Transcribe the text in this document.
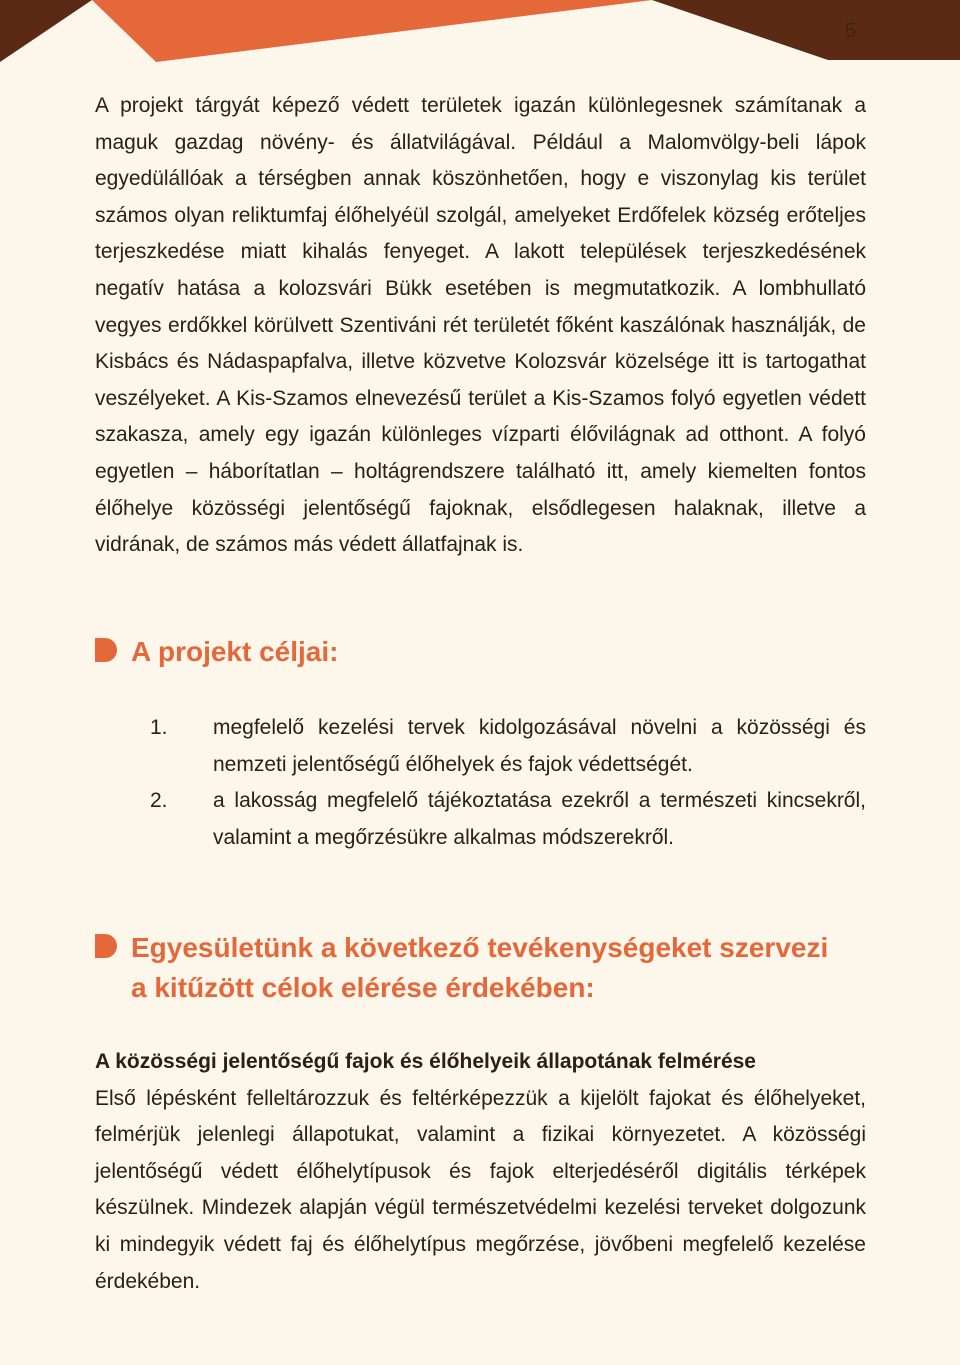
5

A projekt tárgyát képező védett területek igazán különlegesnek számítanak a maguk gazdag növény- és állatvilágával. Például a Malomvölgy-beli lápok egyedülállóak a térségben annak köszönhetően, hogy e viszonylag kis terület számos olyan reliktumfaj élőhelyéül szolgál, amelyeket Erdőfelek község erőteljes terjeszkedése miatt kihalás fenyeget. A lakott települések terjeszkedésének negatív hatása a kolozsvári Bükk esetében is megmutatkozik. A lombhullató vegyes erdőkkel körülvett Szentiváni rét területét főként kaszálónak használják, de Kisbács és Nádaspapfalva, illetve közvetve Kolozsvár közelsége itt is tartogathat veszélyeket. A Kis-Szamos elnevezésű terület a Kis-Szamos folyó egyetlen védett szakasza, amely egy igazán különleges vízparti élővilágnak ad otthont. A folyó egyetlen – háborítatlan – holtágrendszere található itt, amely kiemelten fontos élőhelye közösségi jelentőségű fajoknak, elsődlegesen halaknak, illetve a vidrának, de számos más védett állatfajnak is.

A projekt céljai:
1.	megfelelő kezelési tervek kidolgozásával növelni a közösségi és nemzeti jelentőségű élőhelyek és fajok védettségét.
2.	a lakosság megfelelő tájékoztatása ezekről a természeti kincsekről, valamint a megőrzésükre alkalmas módszerekről.
Egyesületünk a következő tevékenységeket szervezi
a kitűzött célok elérése érdekében:

A közösségi jelentőségű fajok és élőhelyeik állapotának felmérése

Első lépésként felleltározzuk és feltérképezzük a kijelölt fajokat és élőhelyeket, felmérjük jelenlegi állapotukat, valamint a fizikai környezetet. A közösségi jelentőségű védett élőhelytípusok és fajok elterjedéséről digitális térképek készülnek. Mindezek alapján végül természetvédelmi kezelési terveket dolgozunk ki mindegyik védett faj és élőhelytípus megőrzése, jövőbeni megfelelő kezelése érdekében.
